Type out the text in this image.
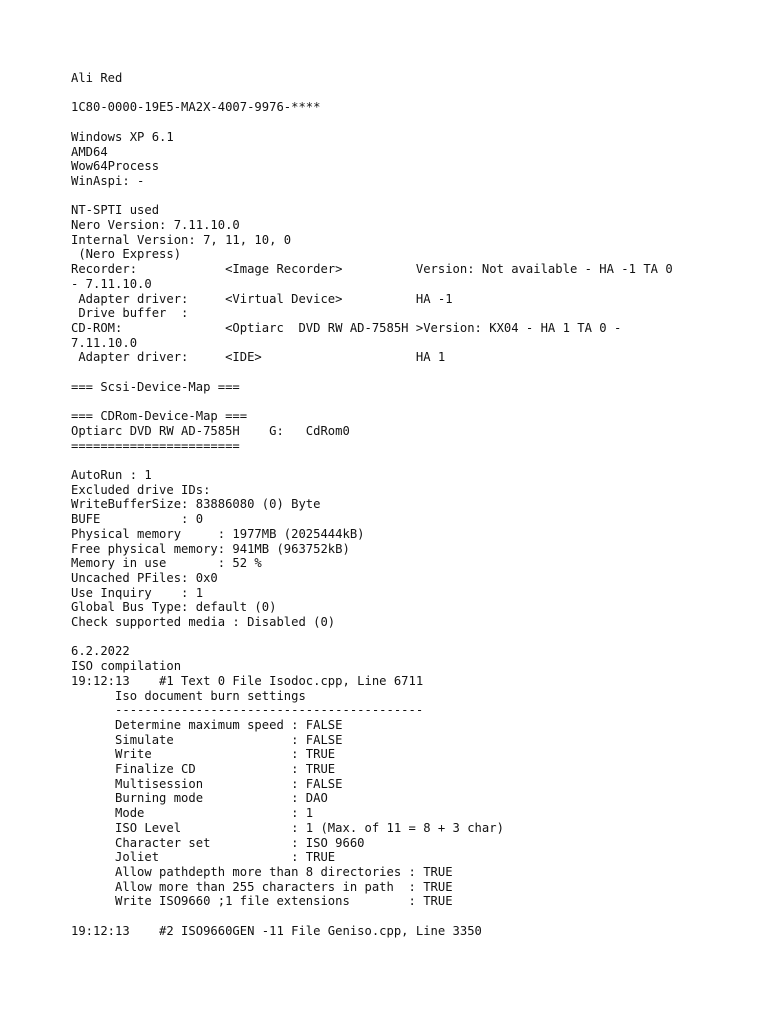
Ali Red

1C80-0000-19E5-MA2X-4007-9976-****

Windows XP 6.1
AMD64
Wow64Process
WinAspi: -

NT-SPTI used
Nero Version: 7.11.10.0
Internal Version: 7, 11, 10, 0
(Nero Express)
Recorder:            <Image Recorder>          Version: Not available - HA -1 TA 0
- 7.11.10.0
Adapter driver:     <Virtual Device>          HA -1
Drive buffer  :
CD-ROM:              <Optiarc  DVD RW AD-7585H >Version: KX04 - HA 1 TA 0 -
7.11.10.0
Adapter driver:     <IDE>                     HA 1

=== Scsi-Device-Map ===

=== CDRom-Device-Map ===
Optiarc DVD RW AD-7585H    G:   CdRom0
=======================

AutoRun : 1
Excluded drive IDs:
WriteBufferSize: 83886080 (0) Byte
BUFE           : 0
Physical memory     : 1977MB (2025444kB)
Free physical memory: 941MB (963752kB)
Memory in use       : 52 %
Uncached PFiles: 0x0
Use Inquiry    : 1
Global Bus Type: default (0)
Check supported media : Disabled (0)

6.2.2022
ISO compilation
19:12:13    #1 Text 0 File Isodoc.cpp, Line 6711
Iso document burn settings
------------------------------------------
Determine maximum speed : FALSE
Simulate                : FALSE
Write                   : TRUE
Finalize CD             : TRUE
Multisession            : FALSE
Burning mode            : DAO
Mode                    : 1
ISO Level               : 1 (Max. of 11 = 8 + 3 char)
Character set           : ISO 9660
Joliet                  : TRUE
Allow pathdepth more than 8 directories : TRUE
Allow more than 255 characters in path  : TRUE
Write ISO9660 ;1 file extensions        : TRUE

19:12:13    #2 ISO9660GEN -11 File Geniso.cpp, Line 3350
